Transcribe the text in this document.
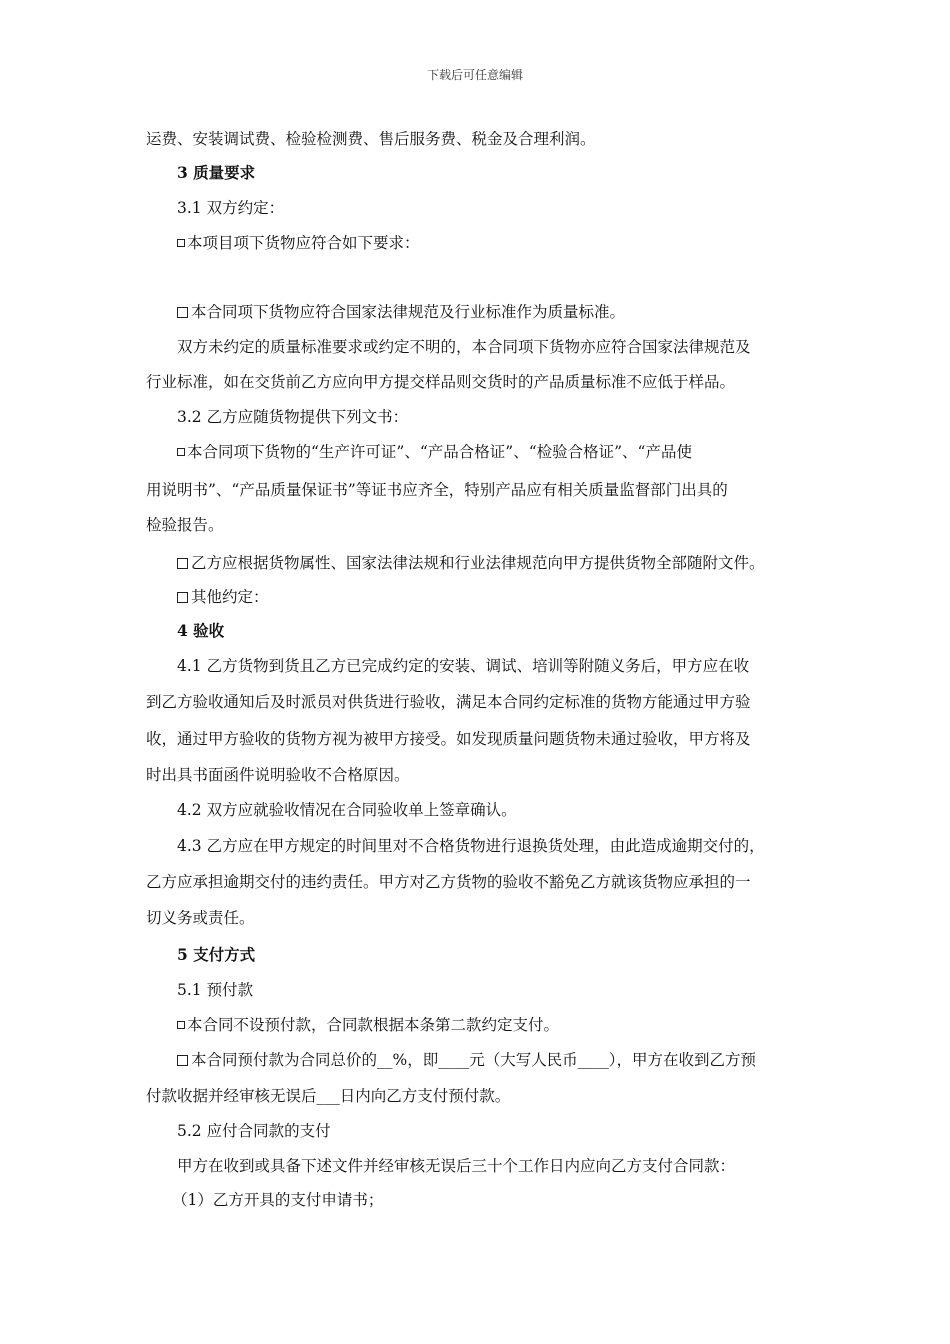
下载后可任意编辑
运费、安装调试费、检验检测费、售后服务费、税金及合理利润。
3 质量要求
3.1 双方约定：
本项目项下货物应符合如下要求：
本合同项下货物应符合国家法律规范及行业标准作为质量标准。
双方未约定的质量标准要求或约定不明的，本合同项下货物亦应符合国家法律规范及
行业标准，如在交货前乙方应向甲方提交样品则交货时的产品质量标准不应低于样品。
3.2 乙方应随货物提供下列文书：
本合同项下货物的“生产许可证”、“产品合格证”、“检验合格证”、“产品使
用说明书”、“产品质量保证书”等证书应齐全，特别产品应有相关质量监督部门出具的
检验报告。
乙方应根据货物属性、国家法律法规和行业法律规范向甲方提供货物全部随附文件。
其他约定：
4 验收
4.1 乙方货物到货且乙方已完成约定的安装、调试、培训等附随义务后，甲方应在收
到乙方验收通知后及时派员对供货进行验收，满足本合同约定标准的货物方能通过甲方验
收，通过甲方验收的货物方视为被甲方接受。如发现质量问题货物未通过验收，甲方将及
时出具书面函件说明验收不合格原因。
4.2 双方应就验收情况在合同验收单上签章确认。
4.3 乙方应在甲方规定的时间里对不合格货物进行退换货处理，由此造成逾期交付的，
乙方应承担逾期交付的违约责任。甲方对乙方货物的验收不豁免乙方就该货物应承担的一
切义务或责任。
5 支付方式
5.1 预付款
本合同不设预付款，合同款根据本条第二款约定支付。
本合同预付款为合同总价的__%，即____元（大写人民币____），甲方在收到乙方预
付款收据并经审核无误后___日内向乙方支付预付款。
5.2 应付合同款的支付
甲方在收到或具备下述文件并经审核无误后三十个工作日内应向乙方支付合同款：
（1）乙方开具的支付申请书；
